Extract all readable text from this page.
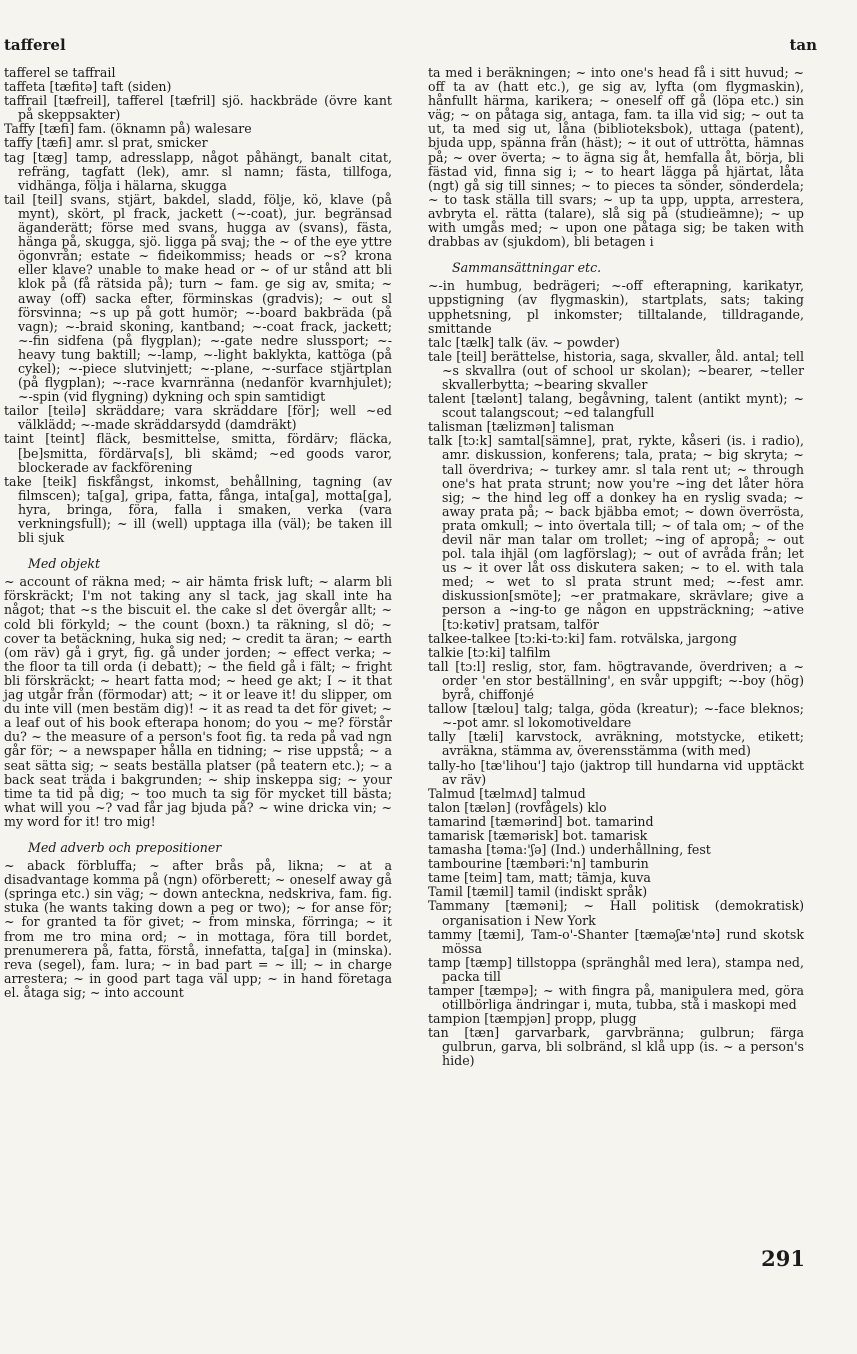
tafferel	tan

tafferel se taffrail

taffeta [tæfitə] taft (siden)

taffrail [tæfreil], tafferel [tæfril] sjö. hackbräde (övre kant på skeppsakter)

Taffy [tæfi] fam. (öknamn på) walesare

taffy [tæfi] amr. sl prat, smicker

tag [tæg] tamp, adresslapp, något påhängt, banalt citat, refräng, tagfatt (lek), amr. sl namn; fästa, tillfoga, vidhänga, följa i hälarna, skugga

tail [teil] svans, stjärt, bakdel, sladd, följe, kö, klave (på mynt), skört, pl frack, jackett (~-coat), jur. begränsad äganderätt; förse med svans, hugga av (svans), fästa, hänga på, skugga, sjö. ligga på svaj; the ~ of the eye yttre ögonvrån; estate ~ fideikommiss; heads or ~s? krona eller klave? unable to make head or ~ of ur stånd att bli klok på (få rätsida på); turn ~ fam. ge sig av, smita; ~ away (off) sacka efter, förminskas (gradvis); ~ out sl försvinna; ~s up på gott humör; ~-board bakbräda (på vagn); ~-braid skoning, kantband; ~-coat frack, jackett; ~-fin sidfena (på flygplan); ~-gate nedre slussport; ~-heavy tung baktill; ~-lamp, ~-light baklykta, kattöga (på cykel); ~-piece slutvinjett; ~-plane, ~-surface stjärtplan (på flygplan); ~-race kvarnränna (nedanför kvarnhjulet); ~-spin (vid flygning) dykning och spin samtidigt

tailor [teilə] skräddare; vara skräddare [för]; well ~ed välklädd; ~-made skräddarsydd (damdräkt)

taint [teint] fläck, besmittelse, smitta, fördärv; fläcka, [be]smitta, fördärva[s], bli skämd; ~ed goods varor, blockerade av fackförening

take [teik] fiskfångst, inkomst, behållning, tagning (av filmscen); ta[ga], gripa, fatta, fånga, inta[ga], motta[ga], hyra, bringa, föra, falla i smaken, verka (vara verkningsfull); ~ ill (well) upptaga illa (väl); be taken ill bli sjuk

Med objekt

~ account of räkna med; ~ air hämta frisk luft; ~ alarm bli förskräckt; I'm not taking any sl tack, jag skall inte ha något; that ~s the biscuit el. the cake sl det övergår allt; ~ cold bli förkyld; ~ the count (boxn.) ta räkning, sl dö; ~ cover ta betäckning, huka sig ned; ~ credit ta äran; ~ earth (om räv) gå i gryt, fig. gå under jorden; ~ effect verka; ~ the floor ta till orda (i debatt); ~ the field gå i fält; ~ fright bli förskräckt; ~ heart fatta mod; ~ heed ge akt; I ~ it that jag utgår från (förmodar) att; ~ it or leave it! du slipper, om du inte vill (men bestäm dig)! ~ it as read ta det för givet; ~ a leaf out of his book efterapa honom; do you ~ me? förstår du? ~ the measure of a person's foot fig. ta reda på vad ngn går för; ~ a newspaper hålla en tidning; ~ rise uppstå; ~ a seat sätta sig; ~ seats beställa platser (på teatern etc.); ~ a back seat träda i bakgrunden; ~ ship inskeppa sig; ~ your time ta tid på dig; ~ too much ta sig för mycket till bästa; what will you ~? vad får jag bjuda på? ~ wine dricka vin; ~ my word for it! tro mig!

Med adverb och prepositioner

~ aback förbluffa; ~ after brås på, likna; ~ at a disadvantage komma på (ngn) oförberett; ~ oneself away gå (springa etc.) sin väg; ~ down anteckna, nedskriva, fam. fig. stuka (he wants taking down a peg or two); ~ for anse för; ~ for granted ta för givet; ~ from minska, förringa; ~ it from me tro mina ord; ~ in mottaga, föra till bordet, prenumerera på, fatta, förstå, innefatta, ta[ga] in (minska). reva (segel), fam. lura; ~ in bad part = ~ ill; ~ in charge arrestera; ~ in good part taga väl upp; ~ in hand företaga el. åtaga sig; ~ into account

ta med i beräkningen; ~ into one's head få i sitt huvud; ~ off ta av (hatt etc.), ge sig av, lyfta (om flygmaskin), hånfullt härma, karikera; ~ oneself off gå (löpa etc.) sin väg; ~ on påtaga sig, antaga, fam. ta illa vid sig; ~ out ta ut, ta med sig ut, låna (biblioteksbok), uttaga (patent), bjuda upp, spänna från (häst); ~ it out of uttrötta, hämnas på; ~ over överta; ~ to ägna sig åt, hemfalla åt, börja, bli fästad vid, finna sig i; ~ to heart lägga på hjärtat, låta (ngt) gå sig till sinnes; ~ to pieces ta sönder, sönderdela; ~ to task ställa till svars; ~ up ta upp, uppta, arrestera, avbryta el. rätta (talare), slå sig på (studieämne); ~ up with umgås med; ~ upon one påtaga sig; be taken with drabbas av (sjukdom), bli betagen i

Sammansättningar etc.

~-in humbug, bedrägeri; ~-off efterapning, karikatyr, uppstigning (av flygmaskin), startplats, sats; taking upphetsning, pl inkomster; tilltalande, tilldragande, smittande

talc [tælk] talk (äv. ~ powder)

tale [teil] berättelse, historia, saga, skvaller, åld. antal; tell ~s skvallra (out of school ur skolan); ~bearer, ~teller skvallerbytta; ~bearing skvaller

talent [tælənt] talang, begåvning, talent (antikt mynt); ~ scout talangscout; ~ed talangfull

talisman [tælizmən] talisman

talk [tɔ:k] samtal[sämne], prat, rykte, kåseri (is. i radio), amr. diskussion, konferens; tala, prata; ~ big skryta; ~ tall överdriva; ~ turkey amr. sl tala rent ut; ~ through one's hat prata strunt; now you're ~ing det låter höra sig; ~ the hind leg off a donkey ha en ryslig svada; ~ away prata på; ~ back bjäbba emot; ~ down överrösta, prata omkull; ~ into övertala till; ~ of tala om; ~ of the devil när man talar om trollet; ~ing of apropå; ~ out pol. tala ihjäl (om lagförslag); ~ out of avråda från; let us ~ it over låt oss diskutera saken; ~ to el. with tala med; ~ wet to sl prata strunt med; ~-fest amr. diskussion[smöte]; ~er pratmakare, skrävlare; give a person a ~ing-to ge någon en uppsträckning; ~ative [tɔ:kətiv] pratsam, talför

talkee-talkee [tɔ:ki-tɔ:ki] fam. rotvälska, jargong

talkie [tɔ:ki] talfilm

tall [tɔ:l] reslig, stor, fam. högtravande, överdriven; a ~ order 'en stor beställning', en svår uppgift; ~-boy (hög) byrå, chiffonjé

tallow [tælou] talg; talga, göda (kreatur); ~-face bleknos; ~-pot amr. sl lokomotiveldare

tally [tæli] karvstock, avräkning, motstycke, etikett; avräkna, stämma av, överensstämma (with med)

tally-ho [tæ'lihou'] tajo (jaktrop till hundarna vid upptäckt av räv)

Talmud [tælmʌd] talmud

talon [tælən] (rovfågels) klo

tamarind [tæmərind] bot. tamarind

tamarisk [tæmərisk] bot. tamarisk

tamasha [təma:'ʃə] (Ind.) underhållning, fest

tambourine [tæmbəri:'n] tamburin

tame [teim] tam, matt; tämja, kuva

Tamil [tæmil] tamil (indiskt språk)

Tammany [tæməni]; ~ Hall politisk (demokratisk) organisation i New York

tammy [tæmi], Tam-o'-Shanter [tæməʃæ'ntə] rund skotsk mössa

tamp [tæmp] tillstoppa (spränghål med lera), stampa ned, packa till

tamper [tæmpə]; ~ with fingra på, manipulera med, göra otillbörliga ändringar i, muta, tubba, stå i maskopi med

tampion [tæmpjən] propp, plugg

tan [tæn] garvarbark, garvbränna; gulbrun; färga gulbrun, garva, bli solbränd, sl klå upp (is. ~ a person's hide)

291
